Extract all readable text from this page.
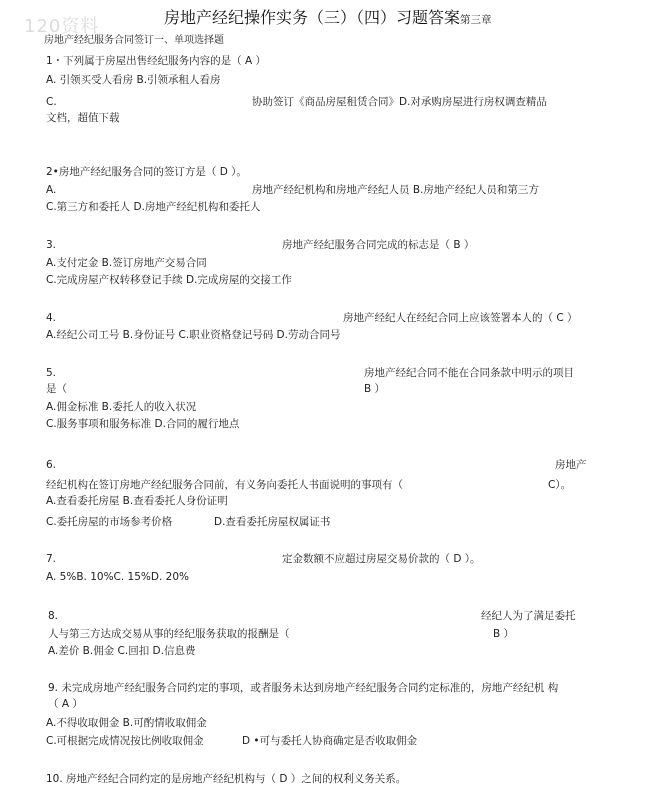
120资料	房地产经纪操作实务（三）（四）习题答案第三章
房地产经纪服务合同签订一、单项选择题
1・下列属于房屋出售经纪服务内容的是（ A ）
A. 引领买受人看房 B.引领承租人看房
C.	协助签订《商品房屋租赁合同》D.对承购房屋进行房权调查精品
文档，超值下载
2•房地产经纪服务合同的签订方是（ D ）。
A.	房地产经纪机构和房地产经纪人员 B.房地产经纪人员和第三方
C.第三方和委托人 D.房地产经纪机构和委托人
3.	房地产经纪服务合同完成的标志是（ B ）
A.支付定金 B.签订房地产交易合同
C.完成房屋产权转移登记手续 D.完成房屋的交接工作
4.	房地产经纪人在经纪合同上应该签署本人的（ C ）
A.经纪公司工号 B.身份证号 C.职业资格登记号码 D.劳动合同号
5.	房地产经纪合同不能在合同条款中明示的项目
是（	B ）
A.佣金标准 B.委托人的收入状况
C.服务事项和服务标准 D.合同的履行地点
6.	房地产
经纪机构在签订房地产经纪服务合同前，有义务向委托人书面说明的事项有（	C）。
A.查看委托房屋 B.查看委托人身份证明
C.委托房屋的市场参考价格	D.查看委托房屋权属证书
7.	定金数额不应超过房屋交易价款的（ D ）。
A. 5%B. 10%C. 15%D. 20%
8.	经纪人为了满足委托
人与第三方达成交易从事的经纪服务获取的报酬是（	B ）
A.差价 B.佣金 C.回扣 D.信息费
9. 未完成房地产经纪服务合同约定的事项，或者服务未达到房地产经纪服务合同约定标准的，房地产经纪机 构
（ A ）
A.不得收取佣金 B.可酌情收取佣金
C.可根据完成情况按比例收取佣金	D •可与委托人协商确定是否收取佣金
10. 房地产经纪合同约定的是房地产经纪机构与（ D ）之间的权利义务关系。
